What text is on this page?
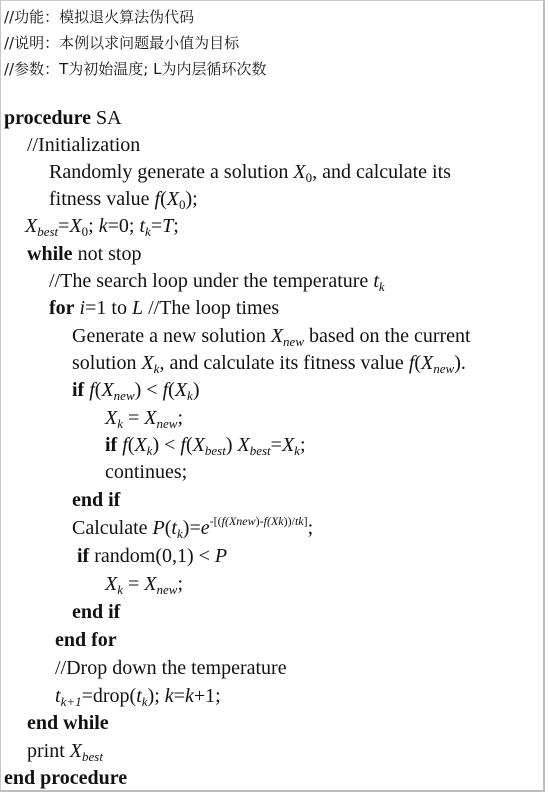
//功能：模拟退火算法伪代码
//说明：本例以求问题最小值为目标
//参数：T为初始温度; L为内层循环次数
procedure SA
//Initialization
Randomly generate a solution $X_0$, and calculate its
fitness value $f(X_0)$;
$X_{best}=X_0$; k=0; $t_k=T$;
while not stop
//The search loop under the temperature $t_k$
for i=1 to L //The loop times
Generate a new solution $X_{new}$ based on the current
solution $X_k$, and calculate its fitness value $f(X_{new})$.
if $f(X_{new}) < f(X_k)$
$X_k = X_{new}$;
if $f(X_k) < f(X_{best})$ $X_{best}=X_k$;
continues;
end if
Calculate $P(t_k)=e^{-[(f(Xnew)-f(Xk))/tk]}$;
if random(0,1) < P
$X_k = X_{new}$;
end if
end for
//Drop down the temperature
$t_{k+1}=drop(t_k)$; k=k+1;
end while
print $X_{best}$
end procedure
